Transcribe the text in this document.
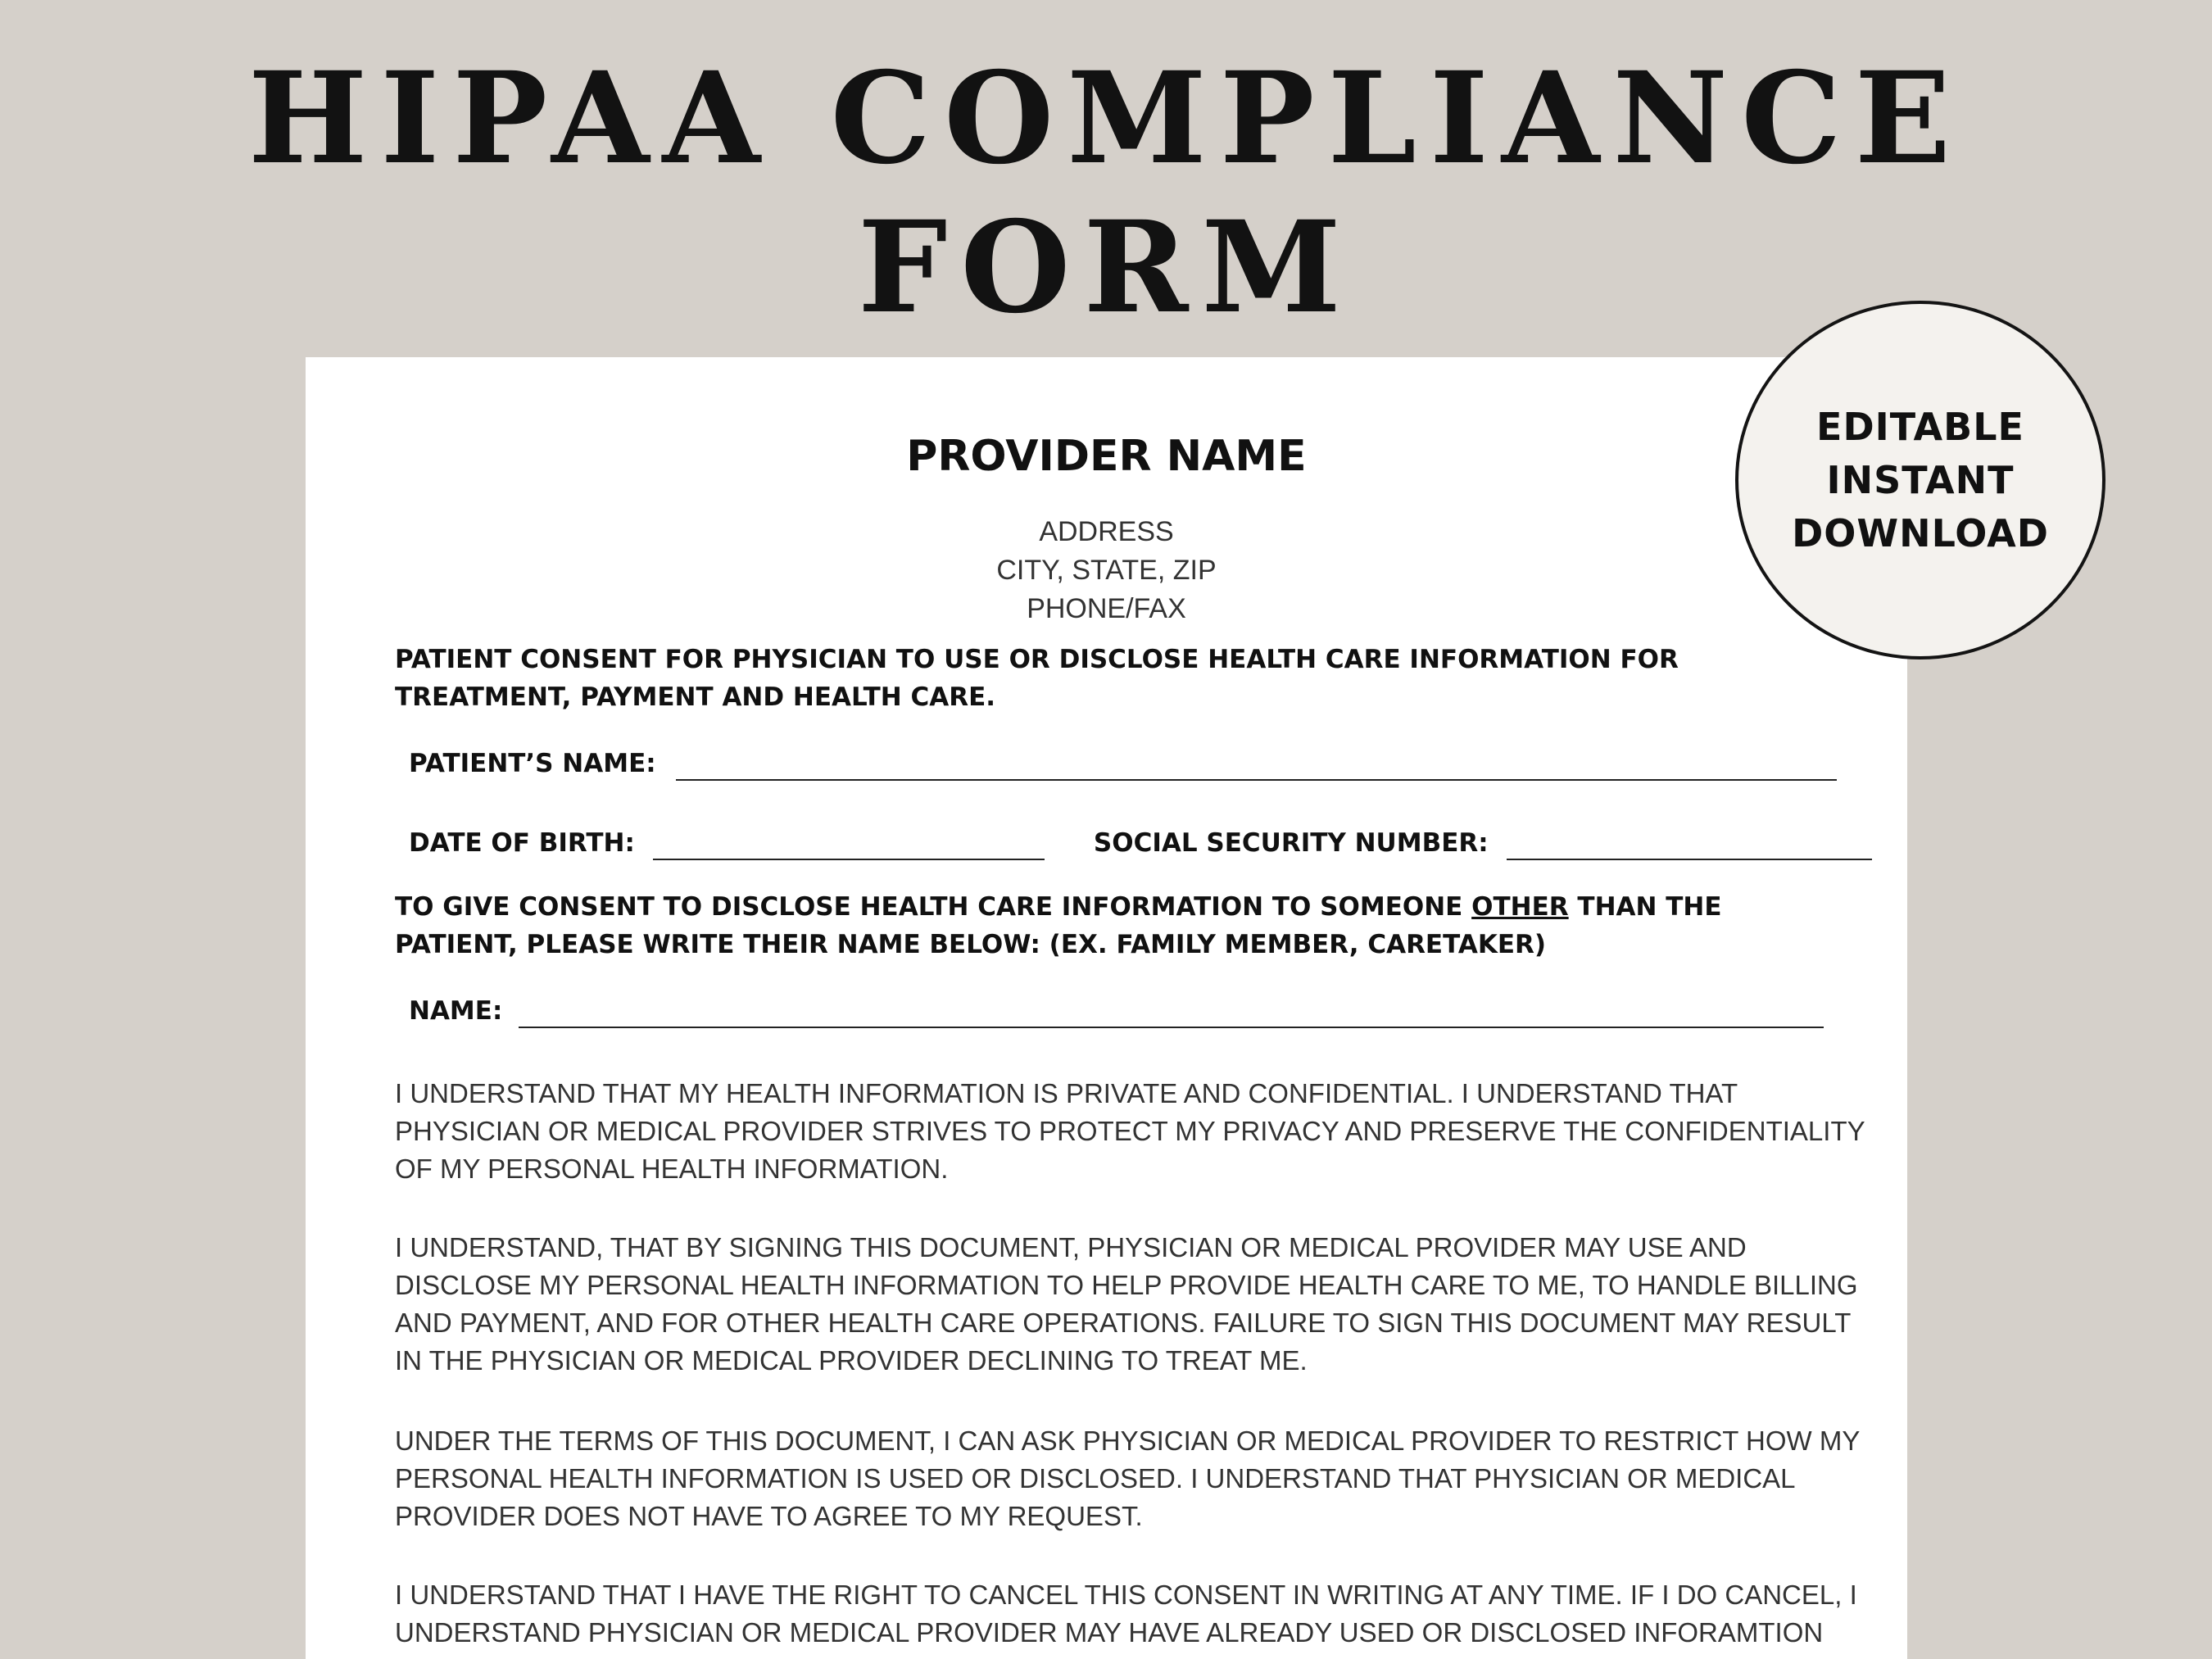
HIPAA COMPLIANCE
FORM
PROVIDER NAME
ADDRESS
CITY, STATE, ZIP
PHONE/FAX

PATIENT CONSENT FOR PHYSICIAN TO USE OR DISCLOSE HEALTH CARE INFORMATION FOR TREATMENT, PAYMENT AND HEALTH CARE.

PATIENT’S NAME:
DATE OF BIRTH:	SOCIAL SECURITY NUMBER:

TO GIVE CONSENT TO DISCLOSE HEALTH CARE INFORMATION TO SOMEONE OTHER THAN THE PATIENT, PLEASE WRITE THEIR NAME BELOW: (EX. FAMILY MEMBER, CARETAKER)

NAME:

I UNDERSTAND THAT MY HEALTH INFORMATION IS PRIVATE AND CONFIDENTIAL. I UNDERSTAND THAT PHYSICIAN OR MEDICAL PROVIDER STRIVES TO PROTECT MY PRIVACY AND PRESERVE THE CONFIDENTIALITY OF MY PERSONAL HEALTH INFORMATION.

I UNDERSTAND, THAT BY SIGNING THIS DOCUMENT, PHYSICIAN OR MEDICAL PROVIDER MAY USE AND DISCLOSE MY PERSONAL HEALTH INFORMATION TO HELP PROVIDE HEALTH CARE TO ME, TO HANDLE BILLING AND PAYMENT, AND FOR OTHER HEALTH CARE OPERATIONS. FAILURE TO SIGN THIS DOCUMENT MAY RESULT IN THE PHYSICIAN OR MEDICAL PROVIDER DECLINING TO TREAT ME.

UNDER THE TERMS OF THIS DOCUMENT, I CAN ASK PHYSICIAN OR MEDICAL PROVIDER TO RESTRICT HOW MY PERSONAL HEALTH INFORMATION IS USED OR DISCLOSED. I UNDERSTAND THAT PHYSICIAN OR MEDICAL PROVIDER DOES NOT HAVE TO AGREE TO MY REQUEST.

I UNDERSTAND THAT I HAVE THE RIGHT TO CANCEL THIS CONSENT IN WRITING AT ANY TIME. IF I DO CANCEL, I UNDERSTAND PHYSICIAN OR MEDICAL PROVIDER MAY HAVE ALREADY USED OR DISCLOSED INFORAMTION

EDITABLE
INSTANT
DOWNLOAD
